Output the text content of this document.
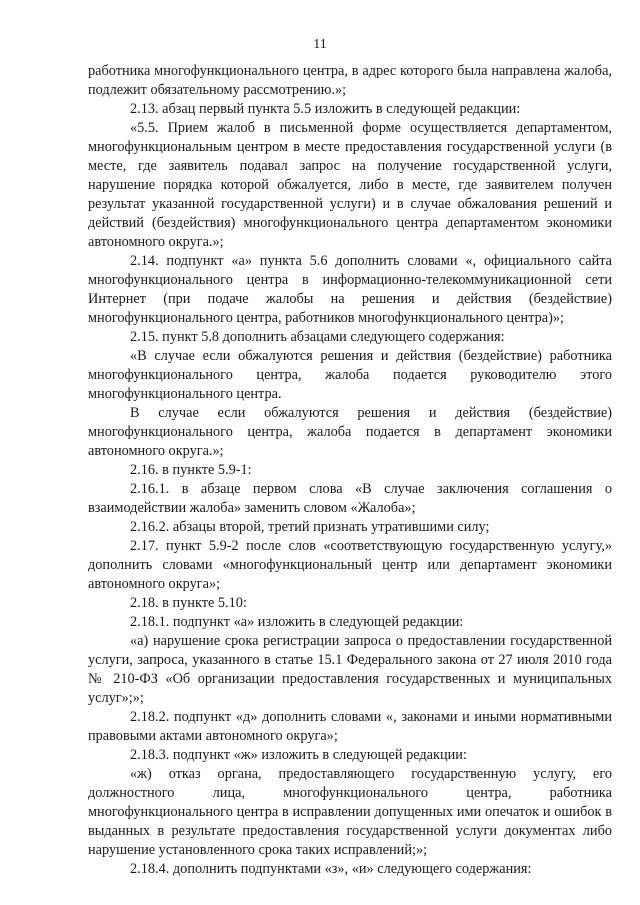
11

работника многофункционального центра, в адрес которого была направлена жалоба, подлежит обязательному рассмотрению.»;

2.13. абзац первый пункта 5.5 изложить в следующей редакции:

«5.5. Прием жалоб в письменной форме осуществляется департаментом, многофункциональным центром в месте предоставления государственной услуги (в месте, где заявитель подавал запрос на получение государственной услуги, нарушение порядка которой обжалуется, либо в месте, где заявителем получен результат указанной государственной услуги) и в случае обжалования решений и действий (бездействия) многофункционального центра департаментом экономики автономного округа.»;

2.14. подпункт «а» пункта 5.6 дополнить словами «, официального сайта многофункционального центра в информационно-телекоммуникационной сети Интернет (при подаче жалобы на решения и действия (бездействие) многофункционального центра, работников многофункционального центра)»;

2.15. пункт 5.8 дополнить абзацами следующего содержания:

«В случае если обжалуются решения и действия (бездействие) работника многофункционального центра, жалоба подается руководителю этого многофункционального центра.

В случае если обжалуются решения и действия (бездействие) многофункционального центра, жалоба подается в департамент экономики автономного округа.»;

2.16. в пункте 5.9-1:

2.16.1. в абзаце первом слова «В случае заключения соглашения о взаимодействии жалоба» заменить словом «Жалоба»;

2.16.2. абзацы второй, третий признать утратившими силу;

2.17. пункт 5.9-2 после слов «соответствующую государственную услугу,» дополнить словами «многофункциональный центр или департамент экономики автономного округа»;

2.18. в пункте 5.10:

2.18.1. подпункт «а» изложить в следующей редакции:

«а) нарушение срока регистрации запроса о предоставлении государственной услуги, запроса, указанного в статье 15.1 Федерального закона от 27 июля 2010 года № 210-ФЗ «Об организации предоставления государственных и муниципальных услуг»;»;

2.18.2. подпункт «д» дополнить словами «, законами и иными нормативными правовыми актами автономного округа»;

2.18.3. подпункт «ж» изложить в следующей редакции:

«ж) отказ органа, предоставляющего государственную услугу, его должностного лица, многофункционального центра, работника многофункционального центра в исправлении допущенных ими опечаток и ошибок в выданных в результате предоставления государственной услуги документах либо нарушение установленного срока таких исправлений;»;

2.18.4. дополнить подпунктами «з», «и» следующего содержания:
